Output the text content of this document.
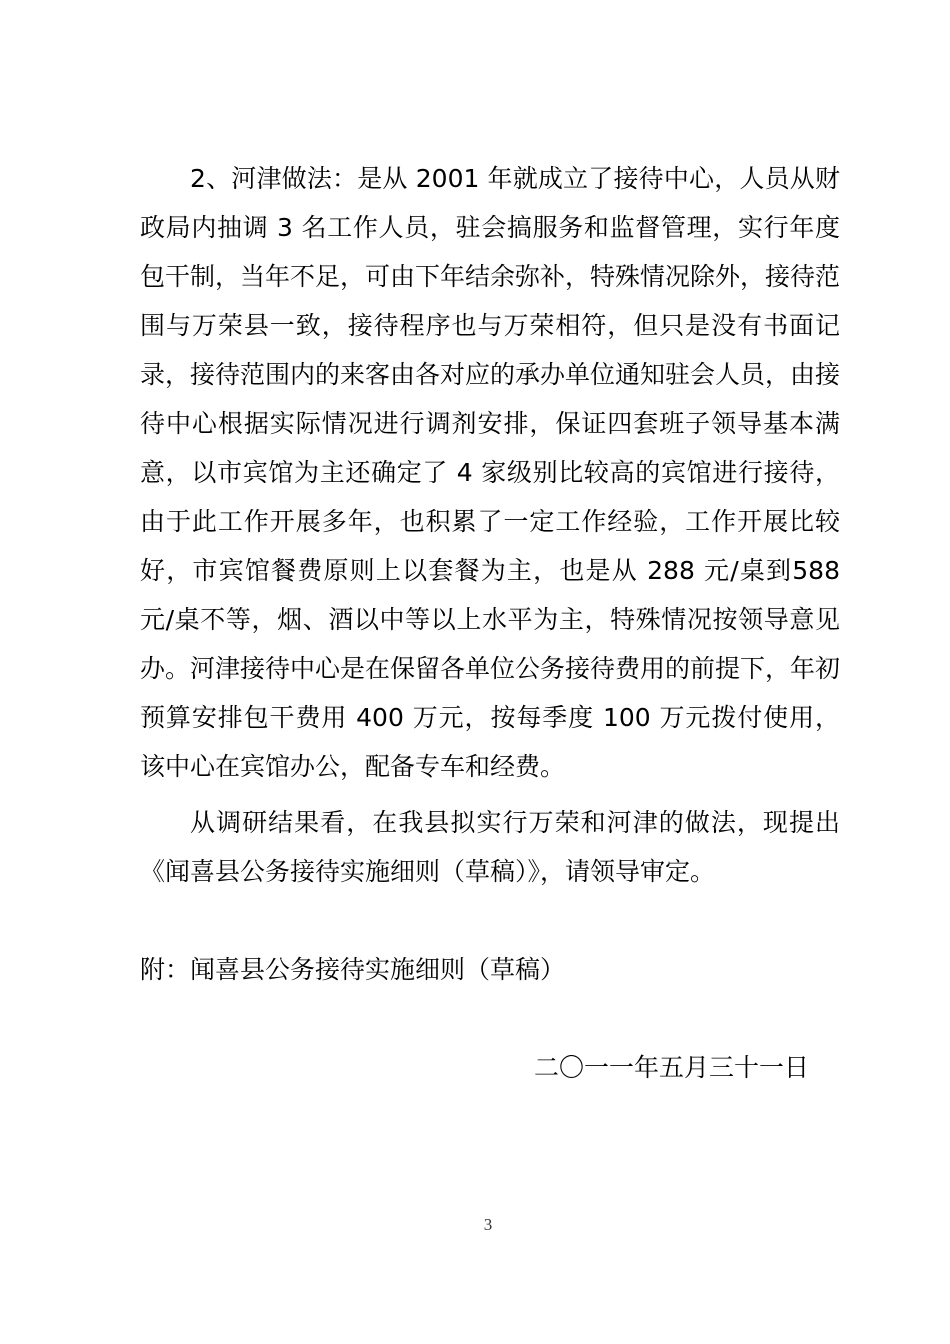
2、河津做法：是从 2001 年就成立了接待中心，人员从财政局内抽调 3 名工作人员，驻会搞服务和监督管理，实行年度包干制，当年不足，可由下年结余弥补，特殊情况除外，接待范围与万荣县一致，接待程序也与万荣相符，但只是没有书面记录，接待范围内的来客由各对应的承办单位通知驻会人员，由接待中心根据实际情况进行调剂安排，保证四套班子领导基本满意，以市宾馆为主还确定了 4 家级别比较高的宾馆进行接待，由于此工作开展多年，也积累了一定工作经验，工作开展比较好，市宾馆餐费原则上以套餐为主，也是从 288 元/桌到588 元/桌不等，烟、酒以中等以上水平为主，特殊情况按领导意见办。河津接待中心是在保留各单位公务接待费用的前提下，年初预算安排包干费用 400 万元，按每季度 100 万元拨付使用，该中心在宾馆办公，配备专车和经费。

从调研结果看，在我县拟实行万荣和河津的做法，现提出《闻喜县公务接待实施细则（草稿）》，请领导审定。

附：闻喜县公务接待实施细则（草稿）

二〇一一年五月三十一日

3
